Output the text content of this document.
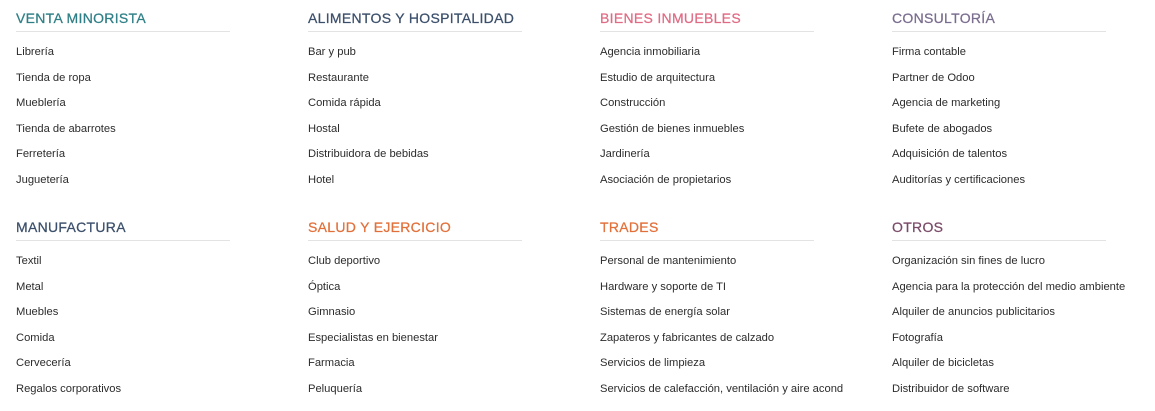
VENTA MINORISTA
Librería
Tienda de ropa
Mueblería
Tienda de abarrotes
Ferretería
Juguetería
ALIMENTOS Y HOSPITALIDAD
Bar y pub
Restaurante
Comida rápida
Hostal
Distribuidora de bebidas
Hotel
BIENES INMUEBLES
Agencia inmobiliaria
Estudio de arquitectura
Construcción
Gestión de bienes inmuebles
Jardinería
Asociación de propietarios
CONSULTORÍA
Firma contable
Partner de Odoo
Agencia de marketing
Bufete de abogados
Adquisición de talentos
Auditorías y certificaciones
MANUFACTURA
Textil
Metal
Muebles
Comida
Cervecería
Regalos corporativos
SALUD Y EJERCICIO
Club deportivo
Óptica
Gimnasio
Especialistas en bienestar
Farmacia
Peluquería
TRADES
Personal de mantenimiento
Hardware y soporte de TI
Sistemas de energía solar
Zapateros y fabricantes de calzado
Servicios de limpieza
Servicios de calefacción, ventilación y aire acond
OTROS
Organización sin fines de lucro
Agencia para la protección del medio ambiente
Alquiler de anuncios publicitarios
Fotografía
Alquiler de bicicletas
Distribuidor de software
